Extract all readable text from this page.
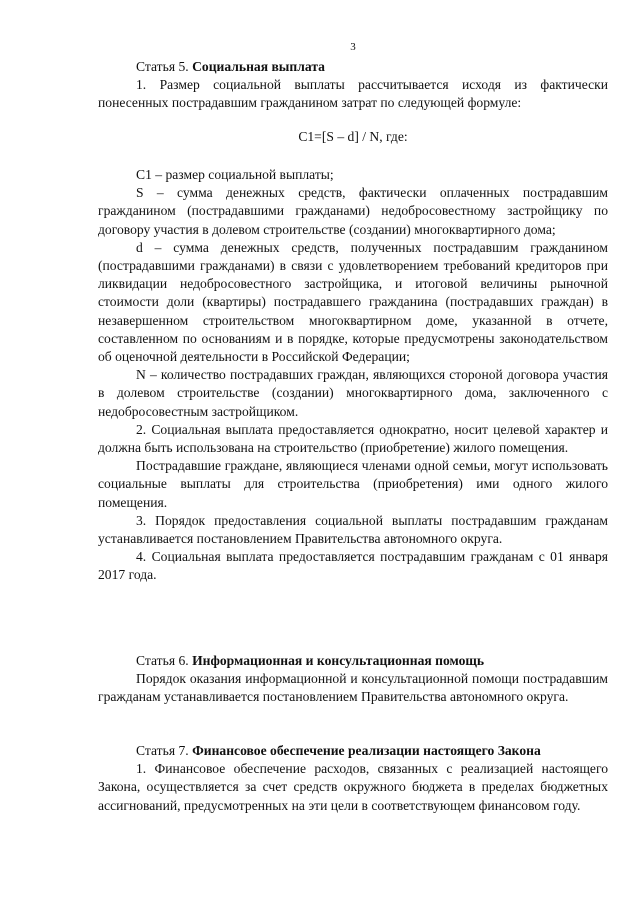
3

Статья 5. Социальная выплата

1. Размер социальной выплаты рассчитывается исходя из фактически понесенных пострадавшим гражданином затрат по следующей формуле:

С1=[S – d] / N, где:

С1 – размер социальной выплаты;

S – сумма денежных средств, фактически оплаченных пострадавшим гражданином (пострадавшими гражданами) недобросовестному застройщику по договору участия в долевом строительстве (создании) многоквартирного дома;

d – сумма денежных средств, полученных пострадавшим гражданином (пострадавшими гражданами) в связи с удовлетворением требований кредиторов при ликвидации недобросовестного застройщика, и итоговой величины рыночной стоимости доли (квартиры) пострадавшего гражданина (пострадавших граждан) в незавершенном строительством многоквартирном доме, указанной в отчете, составленном по основаниям и в порядке, которые предусмотрены законодательством об оценочной деятельности в Российской Федерации;

N – количество пострадавших граждан, являющихся стороной договора участия в долевом строительстве (создании) многоквартирного дома, заключенного с недобросовестным застройщиком.

2. Социальная выплата предоставляется однократно, носит целевой характер и должна быть использована на строительство (приобретение) жилого помещения.

Пострадавшие граждане, являющиеся членами одной семьи, могут использовать социальные выплаты для строительства (приобретения) ими одного жилого помещения.

3. Порядок предоставления социальной выплаты пострадавшим гражданам устанавливается постановлением Правительства автономного округа.

4. Социальная выплата предоставляется пострадавшим гражданам с 01 января 2017 года.

Статья 6. Информационная и консультационная помощь

Порядок оказания информационной и консультационной помощи пострадавшим гражданам устанавливается постановлением Правительства автономного округа.

Статья 7. Финансовое обеспечение реализации настоящего Закона

1. Финансовое обеспечение расходов, связанных с реализацией настоящего Закона, осуществляется за счет средств окружного бюджета в пределах бюджетных ассигнований, предусмотренных на эти цели в соответствующем финансовом году.
